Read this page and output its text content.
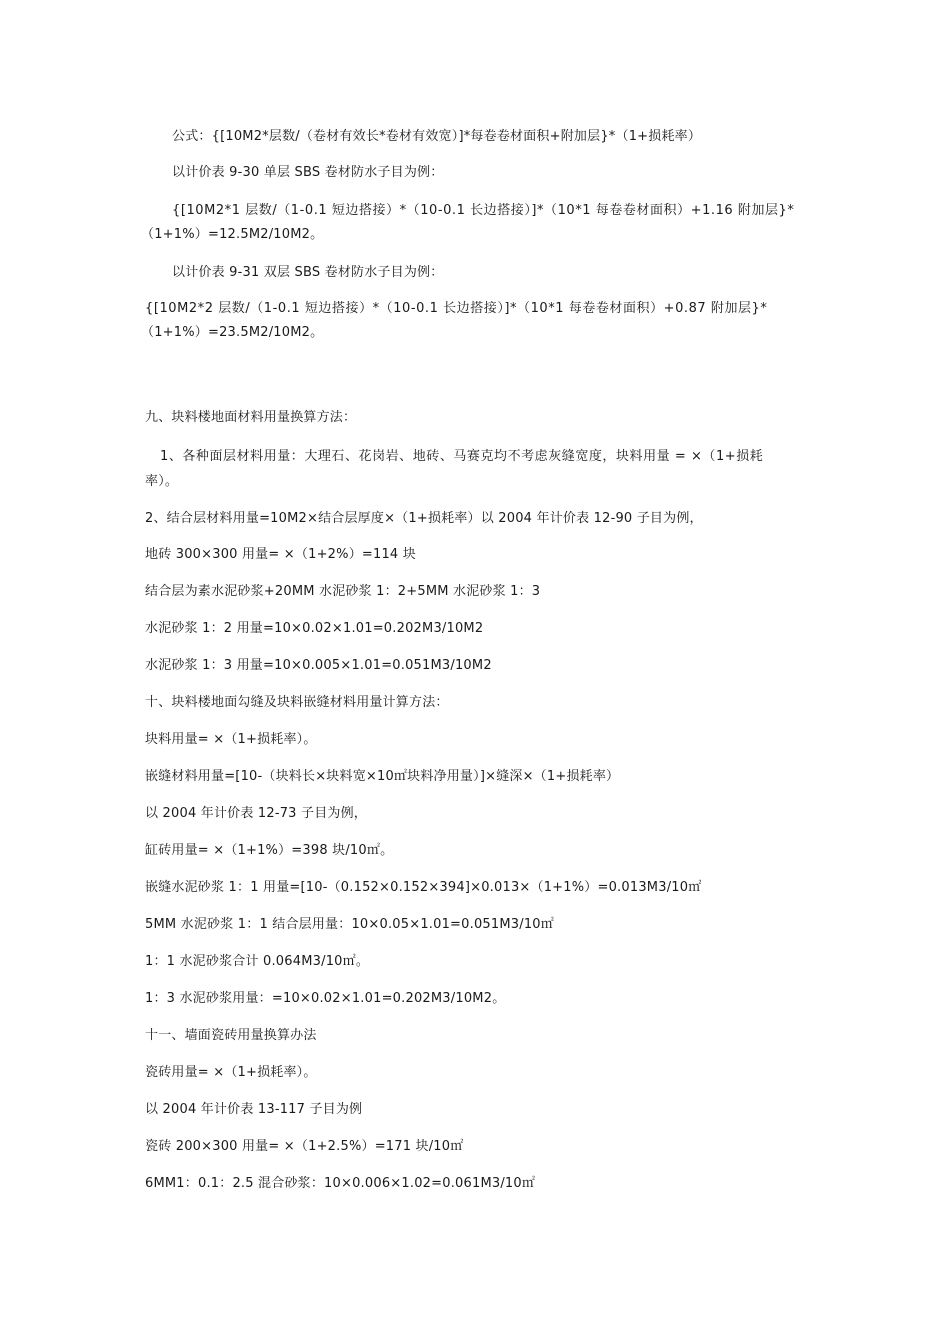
公式：{[10M2*层数/（卷材有效长*卷材有效宽）]*每卷卷材面积+附加层}*（1+损耗率）
以计价表 9-30 单层 SBS 卷材防水子目为例：
{[10M2*1 层数/（1-0.1 短边搭接）*（10-0.1 长边搭接）]*（10*1 每卷卷材面积）+1.16 附加层}*
（1+1%）=12.5M2/10M2。
以计价表 9-31 双层 SBS 卷材防水子目为例：
{[10M2*2 层数/（1-0.1 短边搭接）*（10-0.1 长边搭接）]*（10*1 每卷卷材面积）+0.87 附加层}*
（1+1%）=23.5M2/10M2。
九、块料楼地面材料用量换算方法：
1、各种面层材料用量：大理石、花岗岩、地砖、马赛克均不考虑灰缝宽度，块料用量 = ×（1+损耗
率）。
2、结合层材料用量=10M2×结合层厚度×（1+损耗率）以 2004 年计价表 12-90 子目为例，
地砖 300×300 用量= ×（1+2%）=114 块
结合层为素水泥砂浆+20MM 水泥砂浆 1：2+5MM 水泥砂浆 1：3
水泥砂浆 1：2 用量=10×0.02×1.01=0.202M3/10M2
水泥砂浆 1：3 用量=10×0.005×1.01=0.051M3/10M2
十、块料楼地面勾缝及块料嵌缝材料用量计算方法：
块料用量= ×（1+损耗率）。
嵌缝材料用量=[10-（块料长×块料宽×10㎡块料净用量）]×缝深×（1+损耗率）
以 2004 年计价表 12-73 子目为例，
缸砖用量= ×（1+1%）=398 块/10㎡。
嵌缝水泥砂浆 1：1 用量=[10-（0.152×0.152×394]×0.013×（1+1%）=0.013M3/10㎡
5MM 水泥砂浆 1：1 结合层用量：10×0.05×1.01=0.051M3/10㎡
1：1 水泥砂浆合计 0.064M3/10㎡。
1：3 水泥砂浆用量：=10×0.02×1.01=0.202M3/10M2。
十一、墙面瓷砖用量换算办法
瓷砖用量= ×（1+损耗率）。
以 2004 年计价表 13-117 子目为例
瓷砖 200×300 用量= ×（1+2.5%）=171 块/10㎡
6MM1：0.1：2.5 混合砂浆：10×0.006×1.02=0.061M3/10㎡
